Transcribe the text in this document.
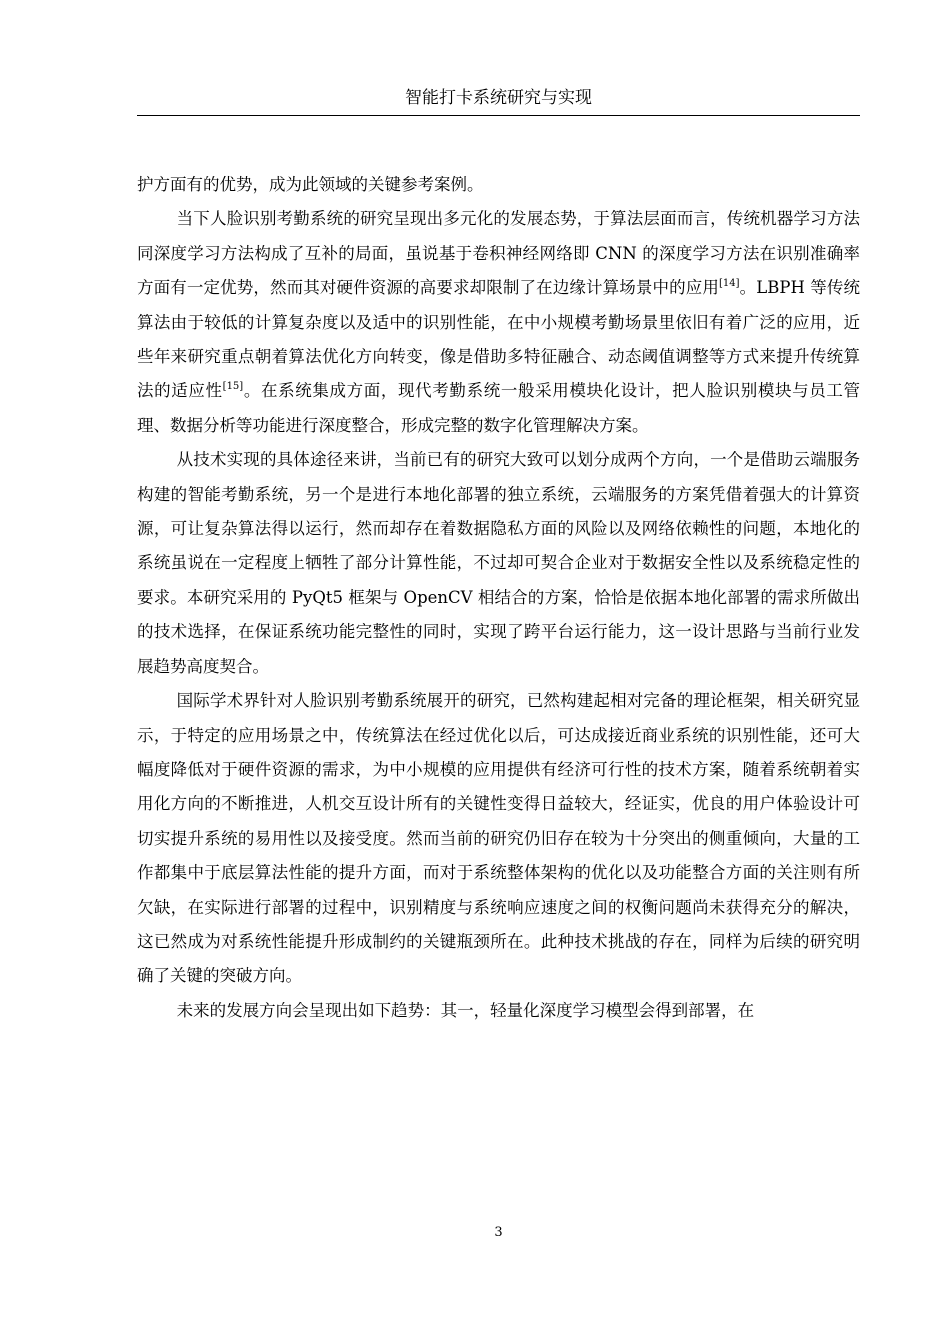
智能打卡系统研究与实现

护方面有的优势，成为此领域的关键参考案例。

当下人脸识别考勤系统的研究呈现出多元化的发展态势，于算法层面而言，传统机器学习方法同深度学习方法构成了互补的局面，虽说基于卷积神经网络即 CNN 的深度学习方法在识别准确率方面有一定优势，然而其对硬件资源的高要求却限制了在边缘计算场景中的应用[14]。LBPH 等传统算法由于较低的计算复杂度以及适中的识别性能，在中小规模考勤场景里依旧有着广泛的应用，近些年来研究重点朝着算法优化方向转变，像是借助多特征融合、动态阈值调整等方式来提升传统算法的适应性[15]。在系统集成方面，现代考勤系统一般采用模块化设计，把人脸识别模块与员工管理、数据分析等功能进行深度整合，形成完整的数字化管理解决方案。

从技术实现的具体途径来讲，当前已有的研究大致可以划分成两个方向，一个是借助云端服务构建的智能考勤系统，另一个是进行本地化部署的独立系统，云端服务的方案凭借着强大的计算资源，可让复杂算法得以运行，然而却存在着数据隐私方面的风险以及网络依赖性的问题，本地化的系统虽说在一定程度上牺牲了部分计算性能，不过却可契合企业对于数据安全性以及系统稳定性的要求。本研究采用的 PyQt5 框架与 OpenCV 相结合的方案，恰恰是依据本地化部署的需求所做出的技术选择，在保证系统功能完整性的同时，实现了跨平台运行能力，这一设计思路与当前行业发展趋势高度契合。

国际学术界针对人脸识别考勤系统展开的研究，已然构建起相对完备的理论框架，相关研究显示，于特定的应用场景之中，传统算法在经过优化以后，可达成接近商业系统的识别性能，还可大幅度降低对于硬件资源的需求，为中小规模的应用提供有经济可行性的技术方案，随着系统朝着实用化方向的不断推进，人机交互设计所有的关键性变得日益较大，经证实，优良的用户体验设计可切实提升系统的易用性以及接受度。然而当前的研究仍旧存在较为十分突出的侧重倾向，大量的工作都集中于底层算法性能的提升方面，而对于系统整体架构的优化以及功能整合方面的关注则有所欠缺，在实际进行部署的过程中，识别精度与系统响应速度之间的权衡问题尚未获得充分的解决，这已然成为对系统性能提升形成制约的关键瓶颈所在。此种技术挑战的存在，同样为后续的研究明确了关键的突破方向。

未来的发展方向会呈现出如下趋势：其一，轻量化深度学习模型会得到部署，在

3
